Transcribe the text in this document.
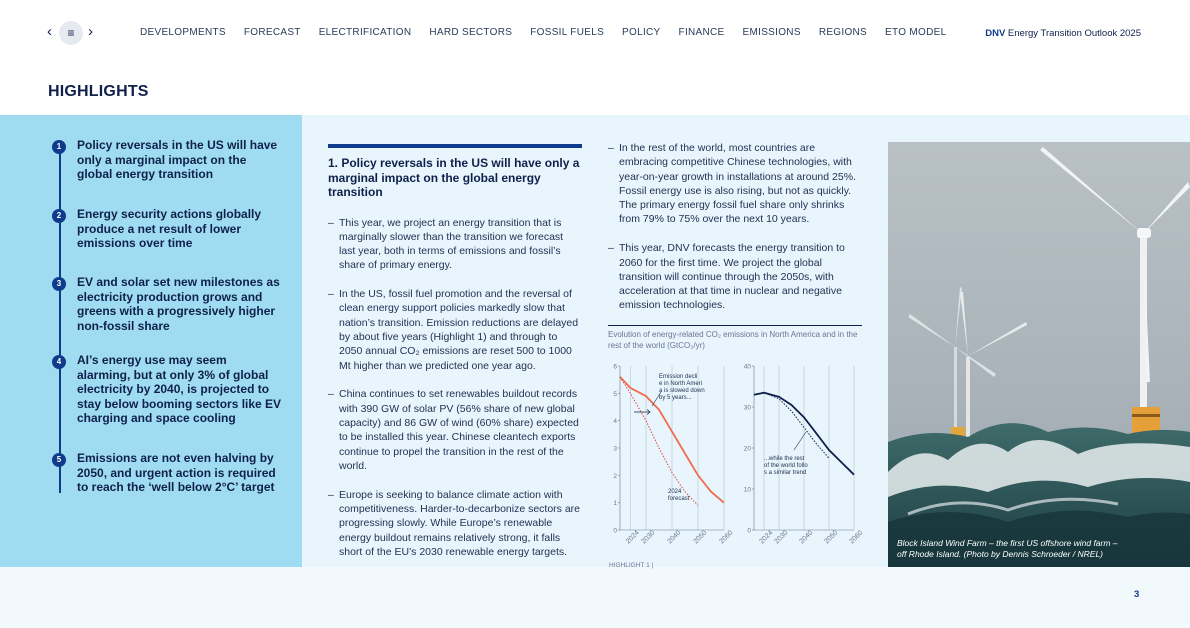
‹	≡ ›	DEVELOPMENTS FORECAST ELECTRIFICATION HARD SECTORS FOSSIL FUELS POLICY FINANCE EMISSIONS REGIONS ETO MODEL	DNV Energy Transition Outlook 2025
HIGHLIGHTS
1	Policy reversals in the US will have only a marginal impact on the global energy transition
2	Energy security actions globally produce a net result of lower emissions over time
3	EV and solar set new milestones as electricity production grows and greens with a progressively higher non-fossil share
4	AI’s energy use may seem alarming, but at only 3% of global electricity by 2040, is projected to stay below booming sectors like EV charging and space cooling
5	Emissions are not even halving by 2050, and urgent action is required to reach the ‘well below 2°C’ target
1. Policy reversals in the US will have only a marginal impact on the global energy transition
– This year, we project an energy transition that is marginally slower than the transition we forecast last year, both in terms of emissions and fossil’s share of primary energy.
– In the US, fossil fuel promotion and the reversal of clean energy support policies markedly slow that nation’s transition. Emission reductions are delayed by about five years (Highlight 1) and through to 2050 annual CO₂ emissions are reset 500 to 1000 Mt higher than we predicted one year ago.
– China continues to set renewables buildout records with 390 GW of solar PV (56% share of new global capacity) and 86 GW of wind (60% share) expected to be installed this year. Chinese cleantech exports continue to propel the transition in the rest of the world.
– Europe is seeking to balance climate action with competitiveness. Harder-to-decarbonize sectors are progressing slowly. While Europe’s renewable energy buildout remains relatively strong, it falls short of the EU’s 2030 renewable energy targets.
– In the rest of the world, most countries are embracing competitive Chinese technologies, with year-on-year growth in installations at around 25%. Fossil energy use is also rising, but not as quickly. The primary energy fossil fuel share only shrinks from 79% to 75% over the next 10 years.
– This year, DNV forecasts the energy transition to 2060 for the first time. We project the global transition will continue through the 2050s, with acceleration at that time in nuclear and negative emission technologies.
Evolution of energy-related CO₂ emissions in North America and in the rest of the world (GtCO₂/yr)
2024 2030 2040 2050 2060
0
1
2
3
4
5
6
2024 2030 2040 2050 2060
0
10
20
30
40
Emission decli
e in North Ameri
a is slowed down
by 5 years...
2024
forecast
...while the rest
of the world follo
s a similar trend
HIGHLIGHT 1 |
Block Island Wind Farm – the first US offshore wind farm – off Rhode Island. (Photo by Dennis Schroeder / NREL)
3
